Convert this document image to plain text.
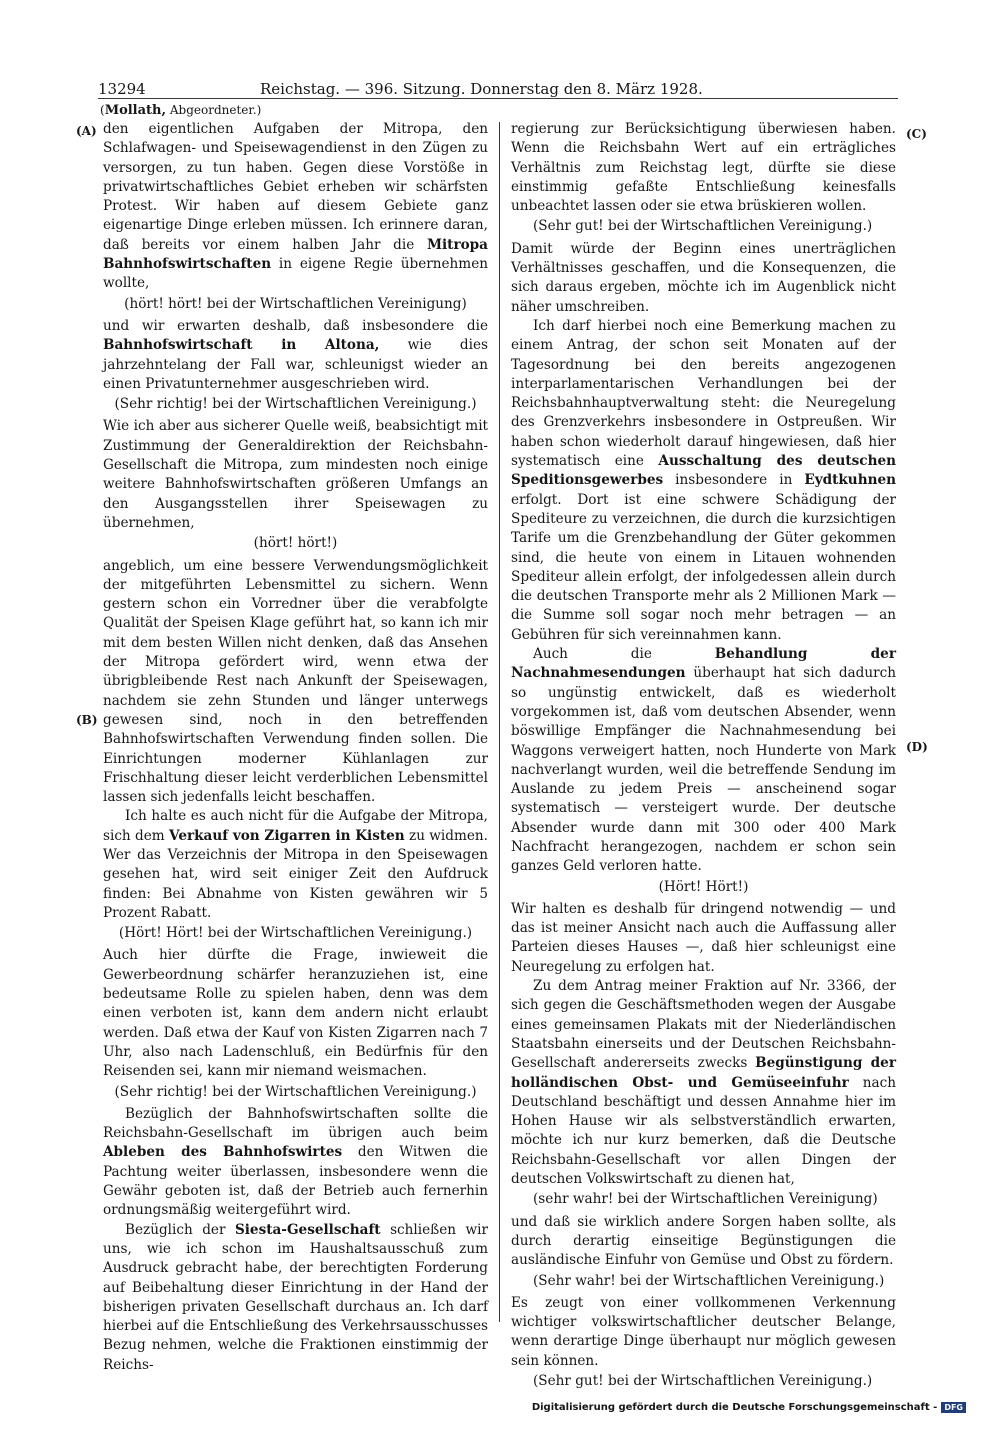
13294	Reichstag. — 396. Sitzung. Donnerstag den 8. März 1928.
(Mollath, Abgeordneter.)
(A)
(B)
(C)
(D)

den eigentlichen Aufgaben der Mitropa, den Schlafwagen- und Speisewagendienst in den Zügen zu versorgen, zu tun haben. Gegen diese Vorstöße in privatwirtschaftliches Gebiet erheben wir schärfsten Protest. Wir haben auf diesem Gebiete ganz eigenartige Dinge erleben müssen. Ich erinnere daran, daß bereits vor einem halben Jahr die Mitropa Bahnhofswirtschaften in eigene Regie übernehmen wollte,

(hört! hört! bei der Wirtschaftlichen Vereinigung)

und wir erwarten deshalb, daß insbesondere die Bahnhofswirtschaft in Altona, wie dies jahrzehntelang der Fall war, schleunigst wieder an einen Privatunternehmer ausgeschrieben wird.

(Sehr richtig! bei der Wirtschaftlichen Vereinigung.)

Wie ich aber aus sicherer Quelle weiß, beabsichtigt mit Zustimmung der Generaldirektion der Reichsbahn-Gesellschaft die Mitropa, zum mindesten noch einige weitere Bahnhofswirtschaften größeren Umfangs an den Ausgangsstellen ihrer Speisewagen zu übernehmen,

(hört! hört!)

angeblich, um eine bessere Verwendungsmöglichkeit der mitgeführten Lebensmittel zu sichern. Wenn gestern schon ein Vorredner über die verabfolgte Qualität der Speisen Klage geführt hat, so kann ich mir mit dem besten Willen nicht denken, daß das Ansehen der Mitropa gefördert wird, wenn etwa der übrigbleibende Rest nach Ankunft der Speisewagen, nachdem sie zehn Stunden und länger unterwegs gewesen sind, noch in den betreffenden Bahnhofswirtschaften Verwendung finden sollen. Die Einrichtungen moderner Kühlanlagen zur Frischhaltung dieser leicht verderblichen Lebensmittel lassen sich jedenfalls leicht beschaffen.

Ich halte es auch nicht für die Aufgabe der Mitropa, sich dem Verkauf von Zigarren in Kisten zu widmen. Wer das Verzeichnis der Mitropa in den Speisewagen gesehen hat, wird seit einiger Zeit den Aufdruck finden: Bei Abnahme von Kisten gewähren wir 5 Prozent Rabatt.

(Hört! Hört! bei der Wirtschaftlichen Vereinigung.)

Auch hier dürfte die Frage, inwieweit die Gewerbeordnung schärfer heranzuziehen ist, eine bedeutsame Rolle zu spielen haben, denn was dem einen verboten ist, kann dem andern nicht erlaubt werden. Daß etwa der Kauf von Kisten Zigarren nach 7 Uhr, also nach Ladenschluß, ein Bedürfnis für den Reisenden sei, kann mir niemand weismachen.

(Sehr richtig! bei der Wirtschaftlichen Vereinigung.)

Bezüglich der Bahnhofswirtschaften sollte die Reichsbahn-Gesellschaft im übrigen auch beim Ableben des Bahnhofswirtes den Witwen die Pachtung weiter überlassen, insbesondere wenn die Gewähr geboten ist, daß der Betrieb auch fernerhin ordnungsmäßig weitergeführt wird.

Bezüglich der Siesta-Gesellschaft schließen wir uns, wie ich schon im Haushaltsausschuß zum Ausdruck gebracht habe, der berechtigten Forderung auf Beibehaltung dieser Einrichtung in der Hand der bisherigen privaten Gesellschaft durchaus an. Ich darf hierbei auf die Entschließung des Verkehrsausschusses Bezug nehmen, welche die Fraktionen einstimmig der Reichs-

regierung zur Berücksichtigung überwiesen haben. Wenn die Reichsbahn Wert auf ein erträgliches Verhältnis zum Reichstag legt, dürfte sie diese einstimmig gefaßte Entschließung keinesfalls unbeachtet lassen oder sie etwa brüskieren wollen.

(Sehr gut! bei der Wirtschaftlichen Vereinigung.)

Damit würde der Beginn eines unerträglichen Verhältnisses geschaffen, und die Konsequenzen, die sich daraus ergeben, möchte ich im Augenblick nicht näher umschreiben.

Ich darf hierbei noch eine Bemerkung machen zu einem Antrag, der schon seit Monaten auf der Tagesordnung bei den bereits angezogenen interparlamentarischen Verhandlungen bei der Reichsbahnhauptverwaltung steht: die Neuregelung des Grenzverkehrs insbesondere in Ostpreußen. Wir haben schon wiederholt darauf hingewiesen, daß hier systematisch eine Ausschaltung des deutschen Speditionsgewerbes insbesondere in Eydtkuhnen erfolgt. Dort ist eine schwere Schädigung der Spediteure zu verzeichnen, die durch die kurzsichtigen Tarife um die Grenzbehandlung der Güter gekommen sind, die heute von einem in Litauen wohnenden Spediteur allein erfolgt, der infolgedessen allein durch die deutschen Transporte mehr als 2 Millionen Mark — die Summe soll sogar noch mehr betragen — an Gebühren für sich vereinnahmen kann.

Auch die Behandlung der Nachnahmesendungen überhaupt hat sich dadurch so ungünstig entwickelt, daß es wiederholt vorgekommen ist, daß vom deutschen Absender, wenn böswillige Empfänger die Nachnahmesendung bei Waggons verweigert hatten, noch Hunderte von Mark nachverlangt wurden, weil die betreffende Sendung im Auslande zu jedem Preis — anscheinend sogar systematisch — versteigert wurde. Der deutsche Absender wurde dann mit 300 oder 400 Mark Nachfracht herangezogen, nachdem er schon sein ganzes Geld verloren hatte.

(Hört! Hört!)

Wir halten es deshalb für dringend notwendig — und das ist meiner Ansicht nach auch die Auffassung aller Parteien dieses Hauses —, daß hier schleunigst eine Neuregelung zu erfolgen hat.

Zu dem Antrag meiner Fraktion auf Nr. 3366, der sich gegen die Geschäftsmethoden wegen der Ausgabe eines gemeinsamen Plakats mit der Niederländischen Staatsbahn einerseits und der Deutschen Reichsbahn-Gesellschaft andererseits zwecks Begünstigung der holländischen Obst- und Gemüseeinfuhr nach Deutschland beschäftigt und dessen Annahme hier im Hohen Hause wir als selbstverständlich erwarten, möchte ich nur kurz bemerken, daß die Deutsche Reichsbahn-Gesellschaft vor allen Dingen der deutschen Volkswirtschaft zu dienen hat,

(sehr wahr! bei der Wirtschaftlichen Vereinigung)

und daß sie wirklich andere Sorgen haben sollte, als durch derartig einseitige Begünstigungen die ausländische Einfuhr von Gemüse und Obst zu fördern.

(Sehr wahr! bei der Wirtschaftlichen Vereinigung.)

Es zeugt von einer vollkommenen Verkennung wichtiger volkswirtschaftlicher deutscher Belange, wenn derartige Dinge überhaupt nur möglich gewesen sein können.

(Sehr gut! bei der Wirtschaftlichen Vereinigung.)

Digitalisierung gefördert durch die Deutsche Forschungsgemeinschaft - DFG
